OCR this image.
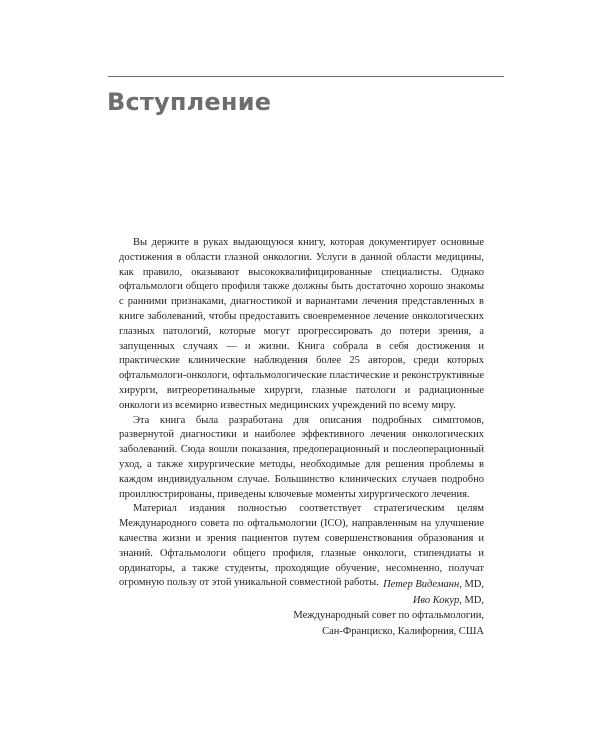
Вступление

Вы держите в руках выдающуюся книгу, которая документирует основные достижения в области глазной онкологии. Услуги в данной области медицины, как правило, оказывают высококвалифицированные специалисты. Однако офтальмологи общего профиля также должны быть достаточно хорошо знакомы с ранними признаками, диагностикой и вариантами лечения представленных в книге заболеваний, чтобы предоставить своевременное лечение онкологических глазных патологий, которые могут прогрессировать до потери зрения, а запущенных случаях — и жизни. Книга собрала в себя достижения и практические клинические наблюдения более 25 авторов, среди которых офтальмологи-онкологи, офтальмологические пластические и реконструктивные хирурги, витреоретинальные хирурги, глазные патологи и радиационные онкологи из всемирно известных медицинских учреждений по всему миру.

Эта книга была разработана для описания подробных симптомов, развернутой диагностики и наиболее эффективного лечения онкологических заболеваний. Сюда вошли показания, предоперационный и послеоперационный уход, а также хирургические методы, необходимые для решения проблемы в каждом индивидуальном случае. Большинство клинических случаев подробно проиллюстрированы, приведены ключевые моменты хирургического лечения.

Материал издания полностью соответствует стратегическим целям Международного совета по офтальмологии (ICO), направленным на улучшение качества жизни и зрения пациентов путем совершенствования образования и знаний. Офтальмологи общего профиля, глазные онкологи, стипендиаты и ординаторы, а также студенты, проходящие обучение, несомненно, получат огромную пользу от этой уникальной совместной работы. Петер Видеманн, MD,
Иво Кокур, MD,
Международный совет по офтальмологии,
Сан-Франциско, Калифорния, США
